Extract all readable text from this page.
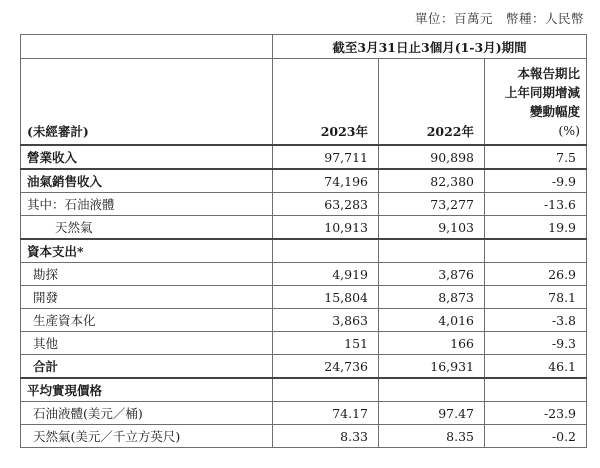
單位：百萬元　幣種：人民幣
	截至3月31日止3個月(1-3月)期間		
(未經審計)	2023年	2022年	本報告期比
上年同期增減
變動幅度
(%)

營業收入	97,711	90,898	7.5
油氣銷售收入	74,196	82,380	-9.9
其中：石油液體	63,283	73,277	-13.6
天然氣	10,913	9,103	19.9
資本支出*			
勘探	4,919	3,876	26.9
開發	15,804	8,873	78.1
生產資本化	3,863	4,016	-3.8
其他	151	166	-9.3
合計	24,736	16,931	46.1
平均實現價格			
石油液體(美元／桶)	74.17	97.47	-23.9
天然氣(美元／千立方英尺)	8.33	8.35	-0.2
